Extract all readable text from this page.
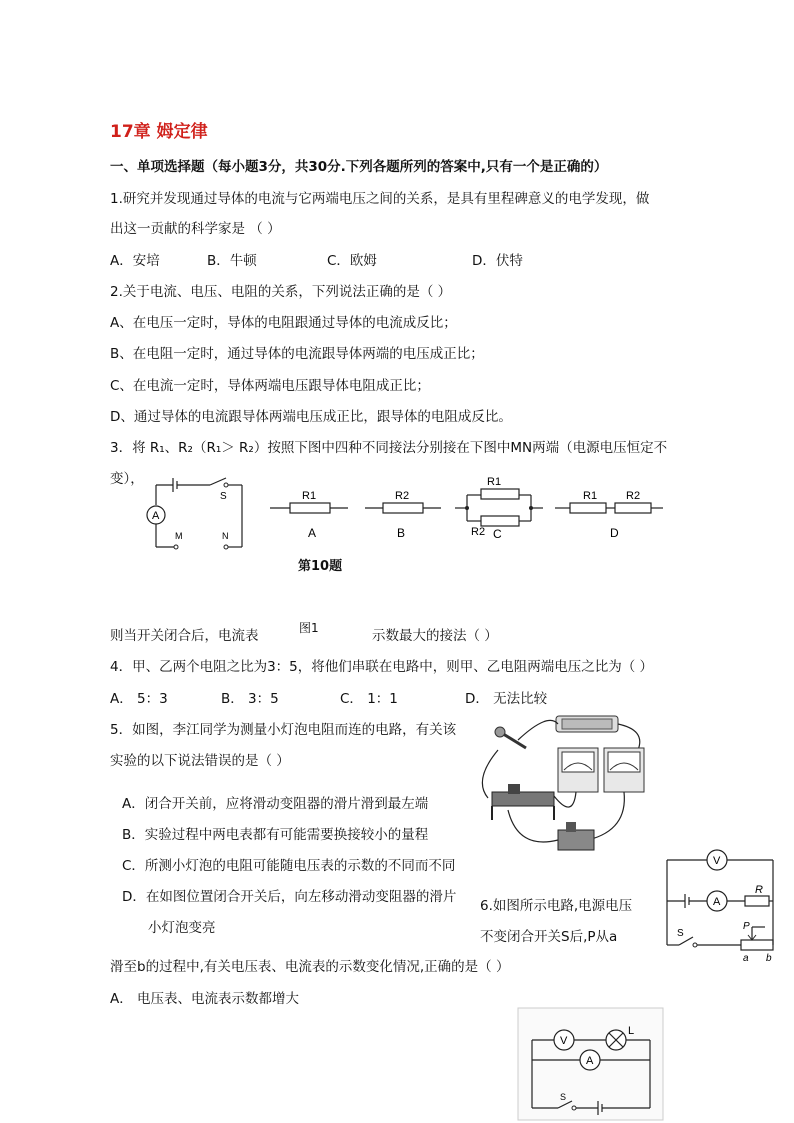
17章 姆定律
一、单项选择题（每小题3分，共30分.下列各题所列的答案中,只有一个是正确的）
1.研究并发现通过导体的电流与它两端电压之间的关系，是具有里程碑意义的电学发现，做
出这一贡献的科学家是 （ ）
A．安培	B．牛顿	C．欧姆	D．伏特
2.关于电流、电压、电阻的关系，下列说法正确的是（ ）
A、在电压一定时，导体的电阻跟通过导体的电流成反比；
B、在电阻一定时，通过导体的电流跟导体两端的电压成正比；
C、在电流一定时，导体两端电压跟导体电阻成正比；
D、通过导体的电流跟导体两端电压成正比，跟导体的电阻成反比。
3．将 R₁、R₂（R₁＞ R₂）按照下图中四种不同接法分别接在下图中MN两端（电源电压恒定不
变），
A
S
M	N
R1
A
R2
B
R1
R2 C
R1	R2
D
第10题
则当开关闭合后，电流表	图1	示数最大的接法（ ）
4．甲、乙两个电阻之比为3：5，将他们串联在电路中，则甲、乙电阻两端电压之比为（ ）
A． 5：3	B． 3：5	C． 1：1	D． 无法比较
5．如图，李江同学为测量小灯泡电阻而连的电路，有关该
实验的以下说法错误的是（ ）
A．闭合开关前，应将滑动变阻器的滑片滑到最左端
B．实验过程中两电表都有可能需要换接较小的量程
C．所测小灯泡的电阻可能随电压表的示数的不同而不同
D．在如图位置闭合开关后，向左移动滑动变阻器的滑片
小灯泡变亮
V
A
R
S
P
a b
6.如图所示电路,电源电压
不变闭合开关S后,P从a
滑至b的过程中,有关电压表、电流表的示数变化情况,正确的是（ ）
A． 电压表、电流表示数都增大
V
L
A
S
